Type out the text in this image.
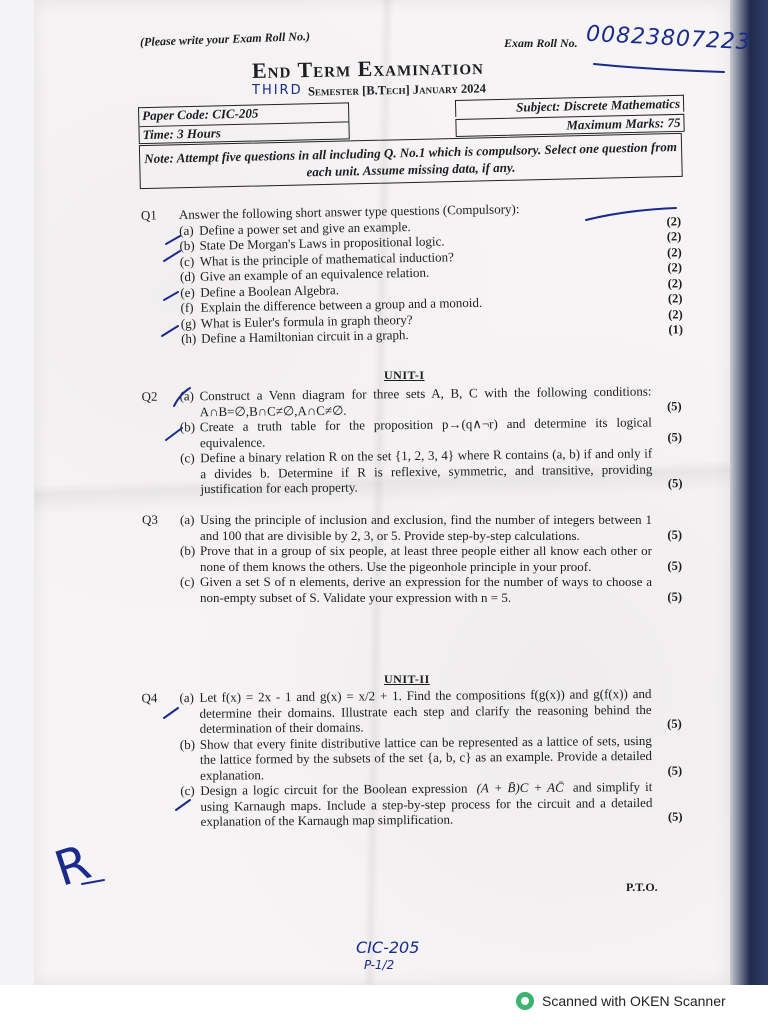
(Please write your Exam Roll No.)	Exam Roll No. 00823807223
End Term Examination
THIRD Semester [B.Tech] January 2024
Paper Code: CIC-205	Subject: Discrete Mathematics
Time: 3 Hours
Maximum Marks: 75
Note: Attempt five questions in all including Q. No.1 which is compulsory. Select one question from each unit. Assume missing data, if any.
Q1	Answer the following short answer type questions (Compulsory):
(a) Define a power set and give an example.	(2)
(b) State De Morgan's Laws in propositional logic.	(2)
(c) What is the principle of mathematical induction?	(2)
(d) Give an example of an equivalence relation.	(2)
(e) Define a Boolean Algebra.	(2)
(f) Explain the difference between a group and a monoid.	(2)
(g) What is Euler's formula in graph theory?	(2)
(h) Define a Hamiltonian circuit in a graph.	(1)
UNIT-I
Q2	(a) Construct a Venn diagram for three sets A, B, C with the following conditions: A∩B=∅,B∩C≠∅,A∩C≠∅.	(5)
(b) Create a truth table for the proposition p→(q∧¬r) and determine its logical equivalence.	(5)
(c) Define a binary relation R on the set {1, 2, 3, 4} where R contains (a, b) if and only if a divides b. Determine if R is reflexive, symmetric, and transitive, providing justification for each property.	(5)
Q3	(a) Using the principle of inclusion and exclusion, find the number of integers between 1 and 100 that are divisible by 2, 3, or 5. Provide step-by-step calculations.	(5)
(b) Prove that in a group of six people, at least three people either all know each other or none of them knows the others. Use the pigeonhole principle in your proof.	(5)
(c) Given a set S of n elements, derive an expression for the number of ways to choose a non-empty subset of S. Validate your expression with n = 5.	(5)
UNIT-II
Q4	(a) Let f(x) = 2x - 1 and g(x) = x/2 + 1. Find the compositions f(g(x)) and g(f(x)) and determine their domains. Illustrate each step and clarify the reasoning behind the determination of their domains.	(5)
(b) Show that every finite distributive lattice can be represented as a lattice of sets, using the lattice formed by the subsets of the set {a, b, c} as an example. Provide a detailed explanation.	(5)
(c) Design a logic circuit for the Boolean expression (A + B̄)C + AC̄ and simplify it using Karnaugh maps. Include a step-by-step process for the circuit and a detailed explanation of the Karnaugh map simplification.	(5)
P.T.O.
R
CIC-205
P-1/2
Scanned with OKEN Scanner
